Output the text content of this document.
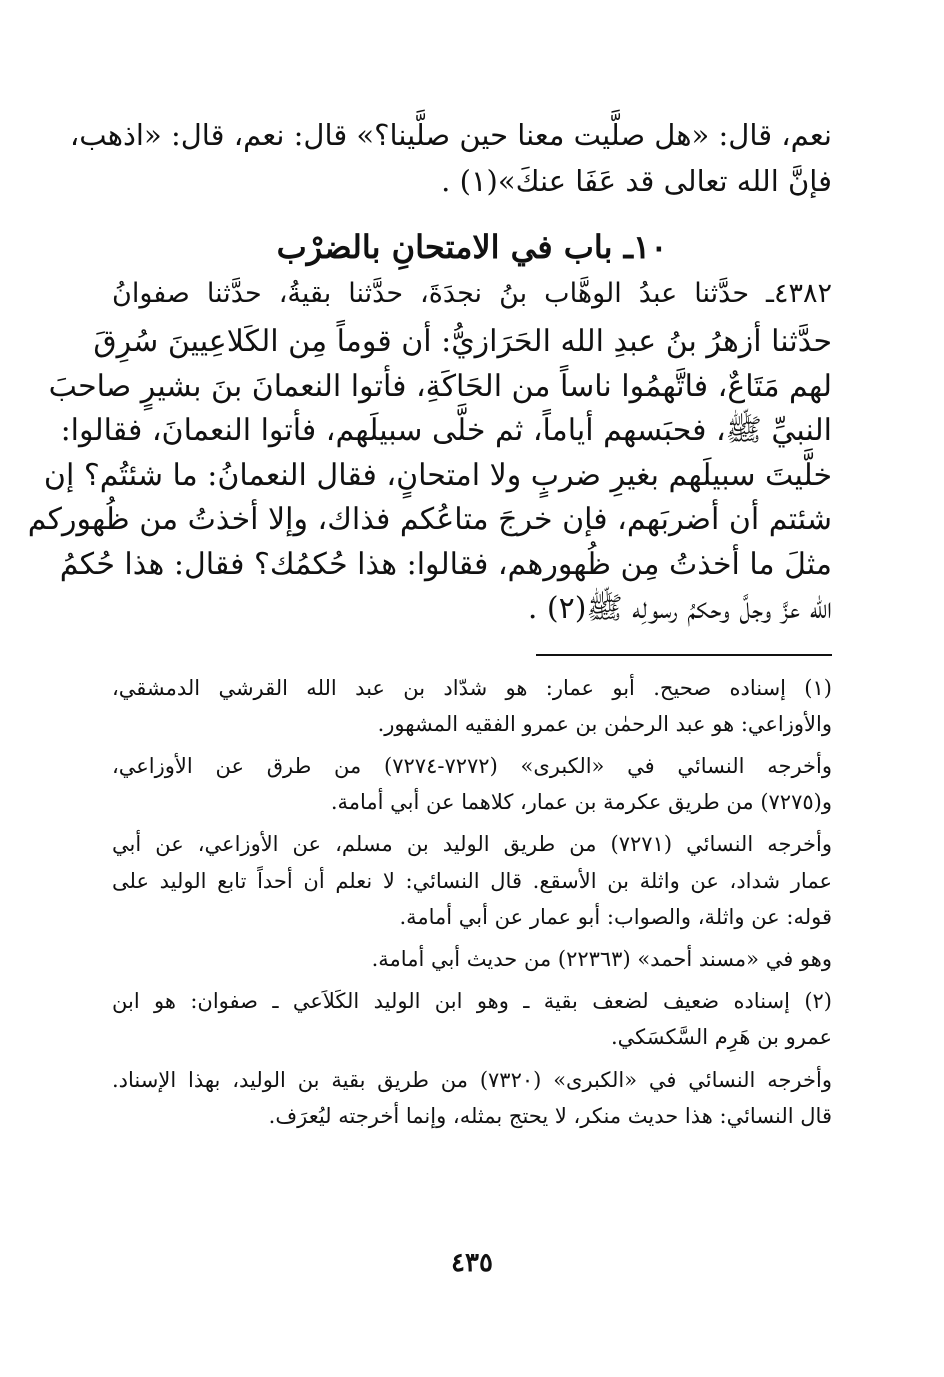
نعم، قال: «هل صلَّيت معنا حين صلَّينا؟» قال: نعم، قال: «اذهب،
فإنَّ الله تعالى قد عَفَا عنكَ»(١) .
١٠ـ باب في الامتحانِ بالضرْب
٤٣٨٢ـ حدَّثنا عبدُ الوهَّاب بنُ نجدَةَ، حدَّثنا بقيةُ، حدَّثنا صفوانُ
حدَّثنا أزهرُ بنُ عبدِ الله الحَرَازيُّ: أن قوماً مِن الكَلاعِيينَ سُرِقَ
لهم مَتَاعٌ، فاتَّهمُوا ناساً من الحَاكَةِ، فأتوا النعمانَ بنَ بشيرٍ صاحبَ
النبيِّ ﷺ، فحبَسهم أياماً، ثم خلَّى سبيلَهم، فأتوا النعمانَ، فقالوا:
خلَّيتَ سبيلَهم بغيرِ ضربٍ ولا امتحانٍ، فقال النعمانُ: ما شئتُم؟ إن
شئتم أن أضربَهم، فإن خرجَ متاعُكم فذاك، وإلا أخذتُ من ظُهوركم
مثلَ ما أخذتُ مِن ظُهورهم، فقالوا: هذا حُكمُك؟ فقال: هذا حُكمُ
الله عزَّ وجلَّ وحكمُ رسولِه ﷺ(٢) .
(١) إسناده صحيح. أبو عمار: هو شدّاد بن عبد الله القرشي الدمشقي،
والأوزاعي: هو عبد الرحمٰن بن عمرو الفقيه المشهور.
وأخرجه النسائي في «الكبرى» (٧٢٧٢-٧٢٧٤) من طرق عن الأوزاعي،
و(٧٢٧٥) من طريق عكرمة بن عمار، كلاهما عن أبي أمامة.
وأخرجه النسائي (٧٢٧١) من طريق الوليد بن مسلم، عن الأوزاعي، عن أبي
عمار شداد، عن واثلة بن الأسقع. قال النسائي: لا نعلم أن أحداً تابع الوليد على
قوله: عن واثلة، والصواب: أبو عمار عن أبي أمامة.
وهو في «مسند أحمد» (٢٢٣٦٣) من حديث أبي أمامة.
(٢) إسناده ضعيف لضعف بقية ـ وهو ابن الوليد الكَلاَعي ـ صفوان: هو ابن
عمرو بن هَرِم السَّكسَكي.
وأخرجه النسائي في «الكبرى» (٧٣٢٠) من طريق بقية بن الوليد، بهذا الإسناد.
قال النسائي: هذا حديث منكر، لا يحتج بمثله، وإنما أخرجته ليُعرَف.
٤٣٥
